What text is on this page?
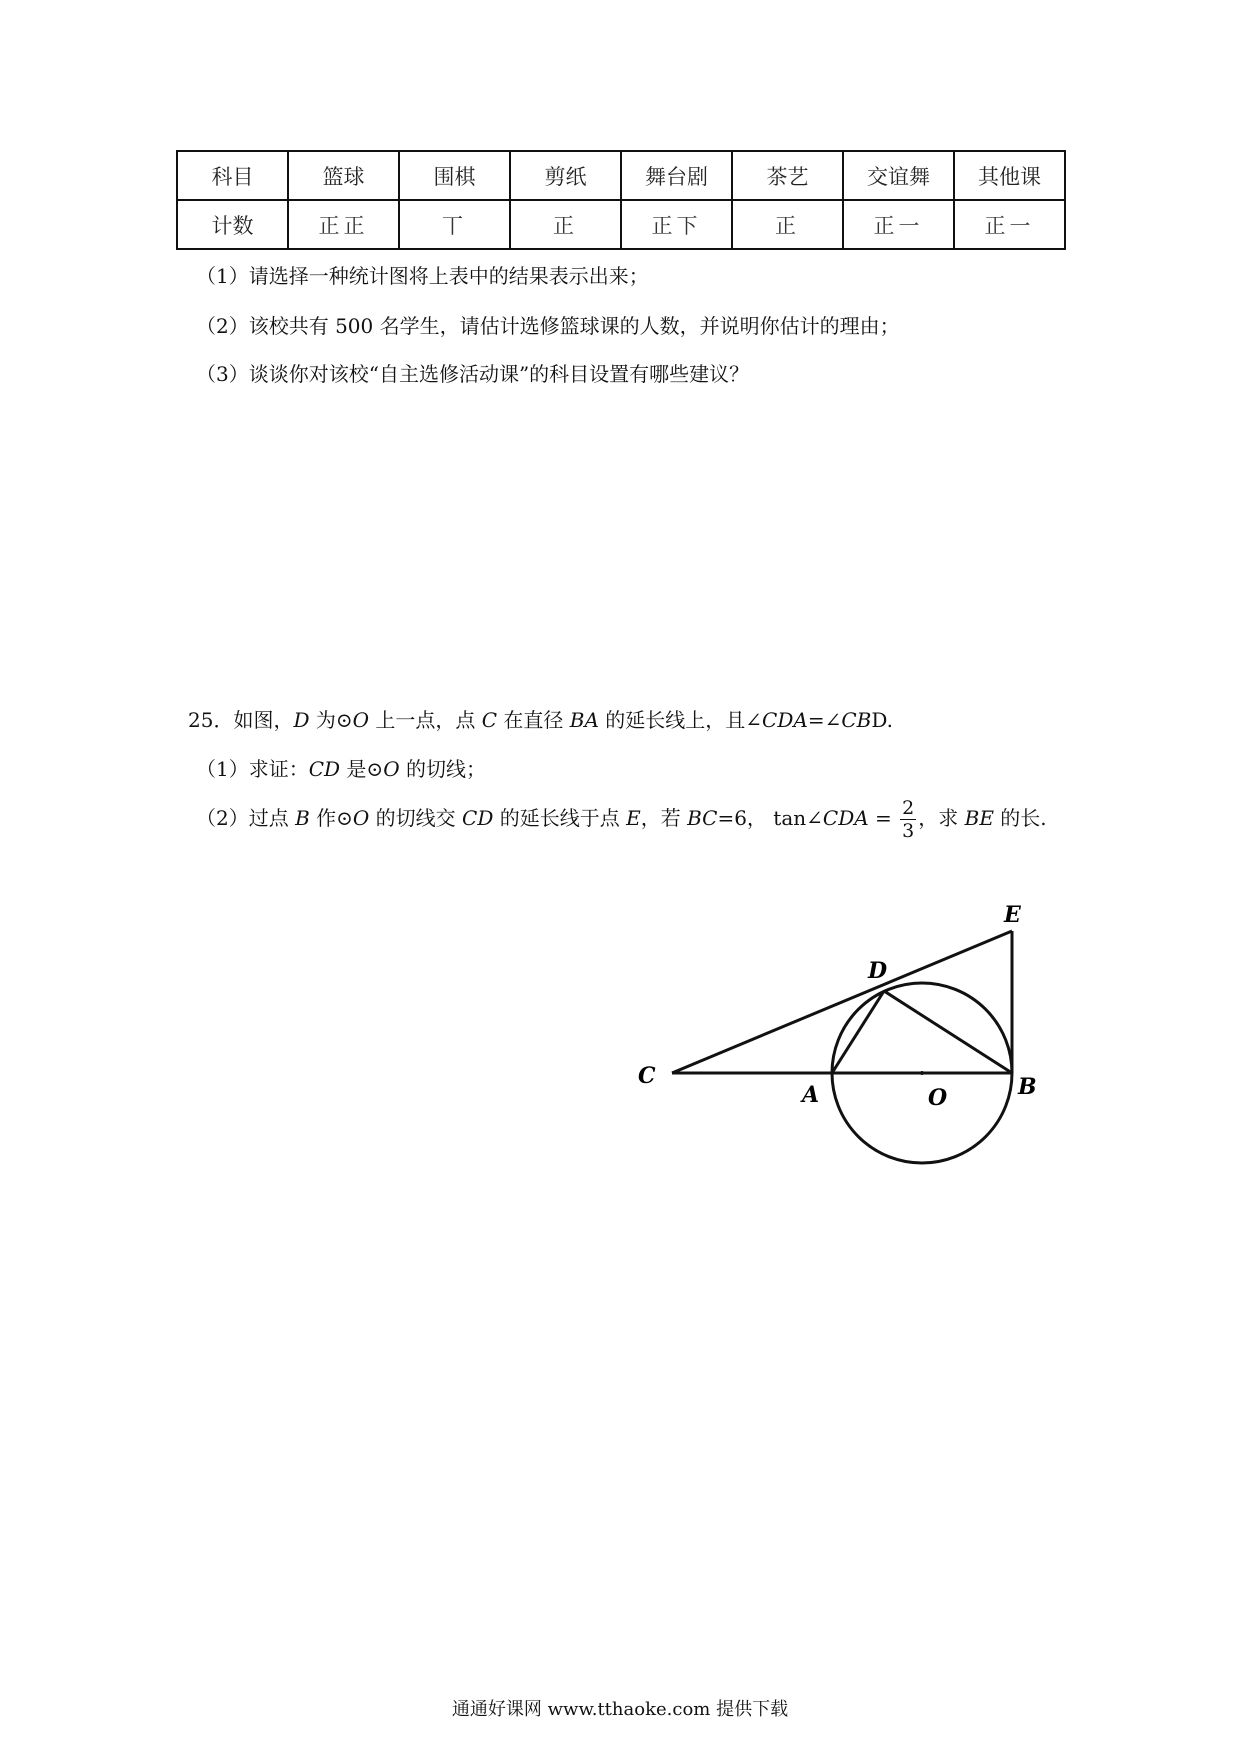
科目	篮球	围棋	剪纸	舞台剧	茶艺	交谊舞	其他课
计数	正正	丅	正	正下	正	正一	正一
（1）请选择一种统计图将上表中的结果表示出来；
（2）该校共有 500 名学生，请估计选修篮球课的人数，并说明你估计的理由；
（3）谈谈你对该校“自主选修活动课”的科目设置有哪些建议？
25．如图，D 为⊙O 上一点，点 C 在直径 BA 的延长线上，且∠CDA=∠CBD.
（1）求证：CD 是⊙O 的切线；
（2）过点 B 作⊙O 的切线交 CD 的延长线于点 E，若 BC=6， tan∠CDA = $\frac{2}{3}$ ，求 BE 的长.
E
D
C
A	O	B
通通好课网 www.tthaoke.com 提供下载
